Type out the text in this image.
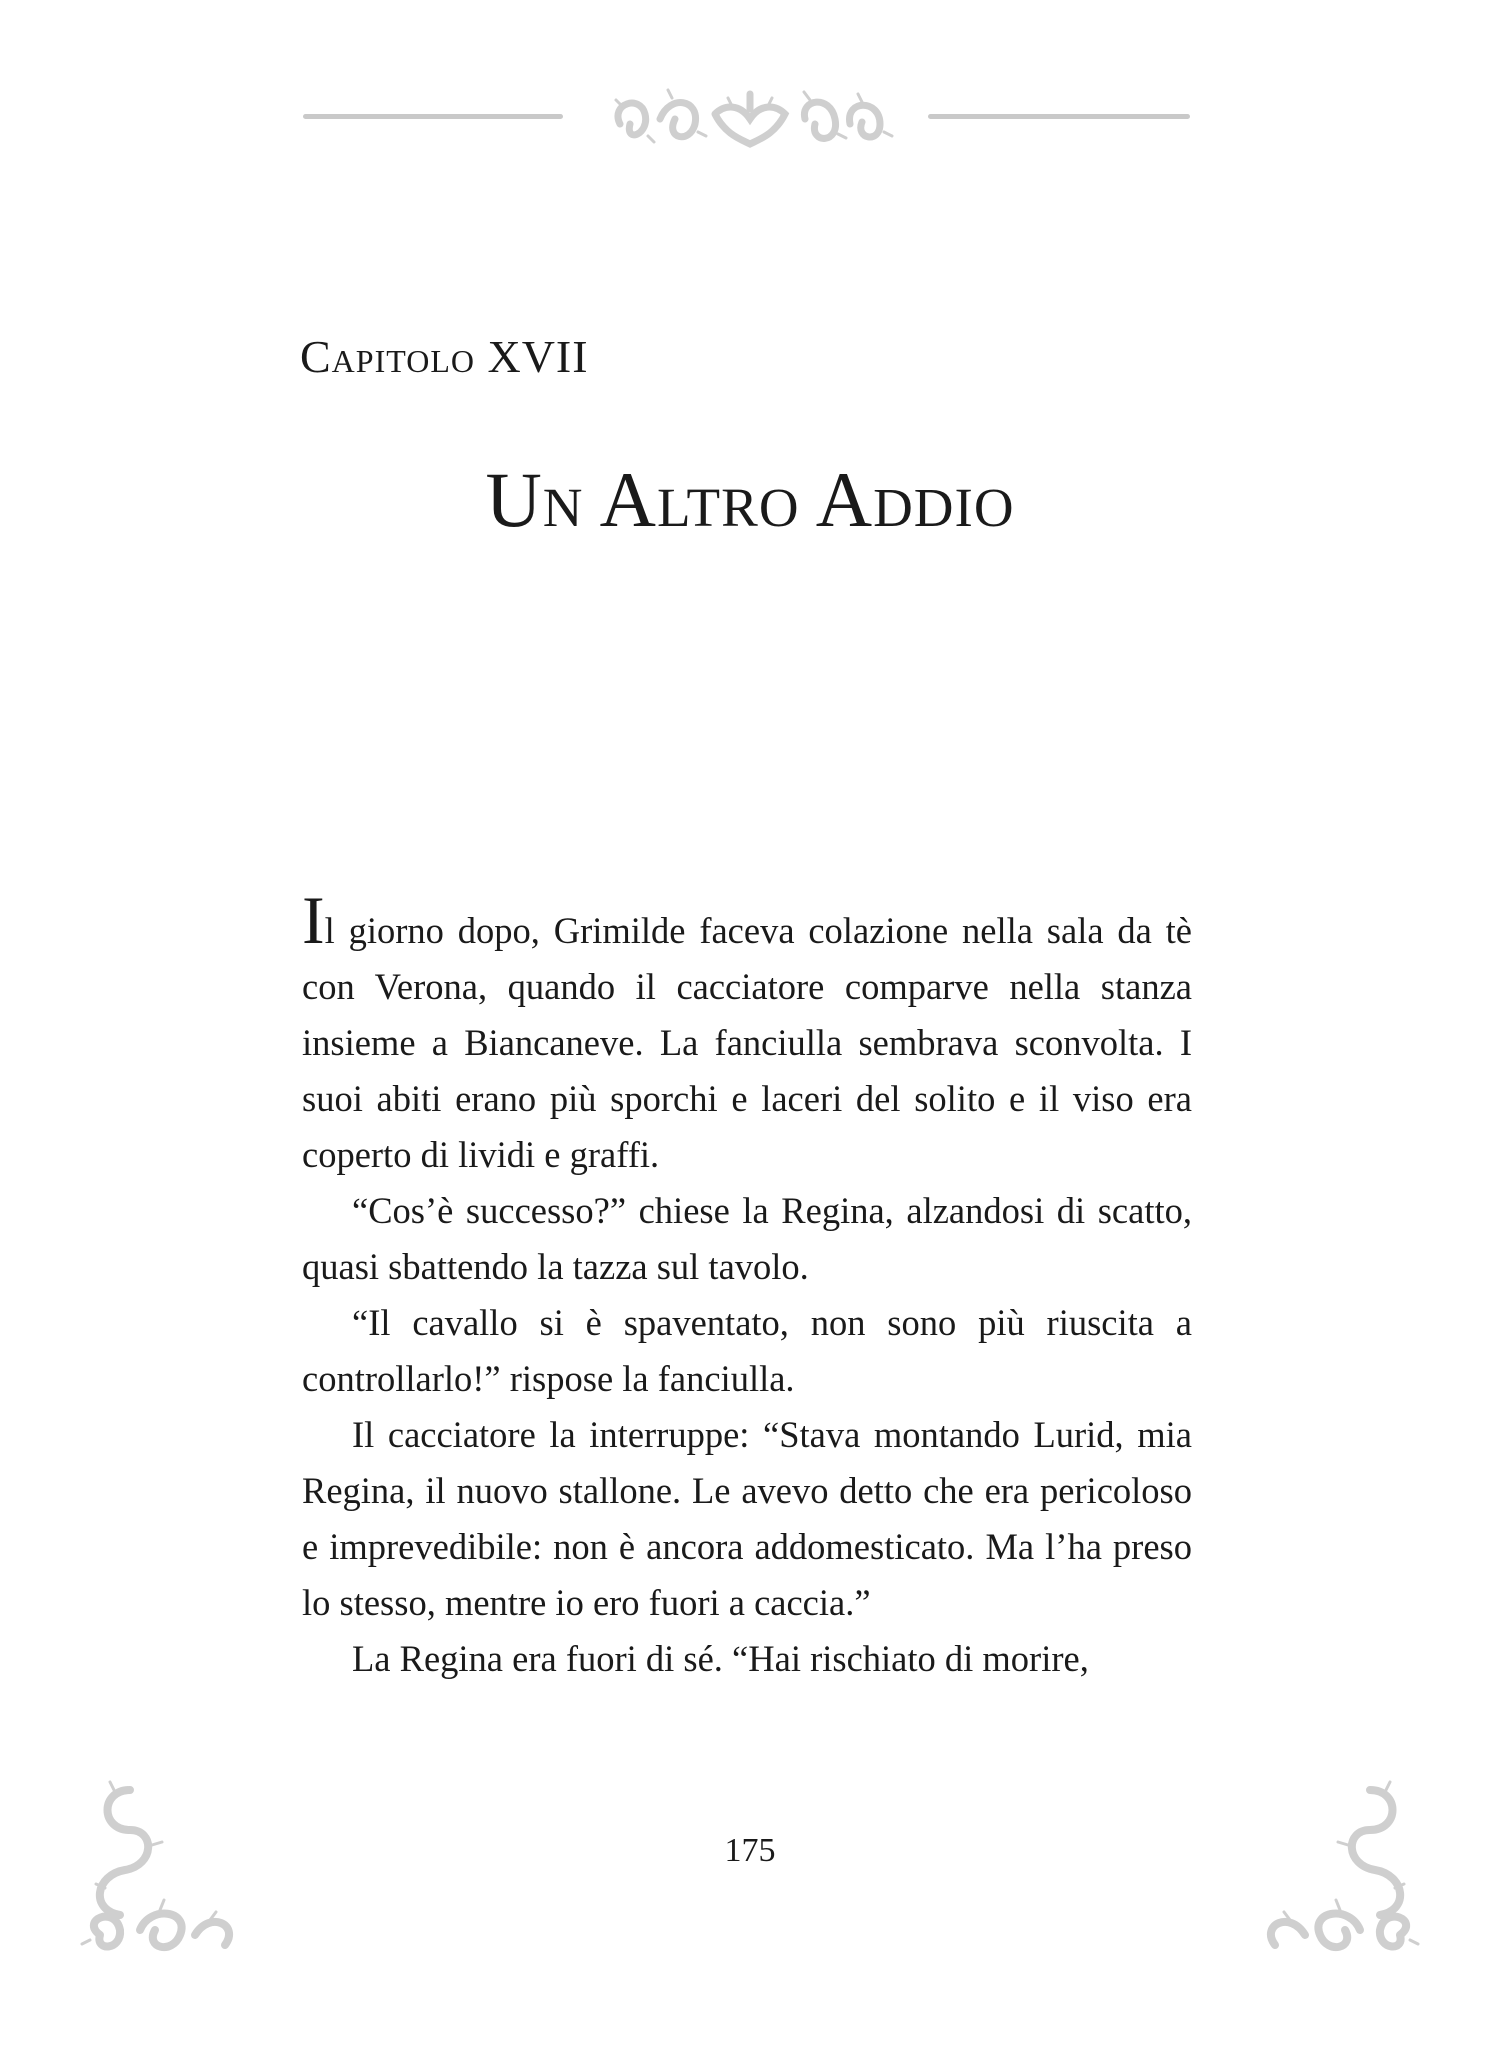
Capitolo XVII
Un Altro Addio

Il giorno dopo, Grimilde faceva colazione nella sala da tè con Verona, quando il cacciatore comparve nella stanza insieme a Biancaneve. La fanciulla sembrava sconvolta. I suoi abiti erano più sporchi e laceri del solito e il viso era coperto di lividi e graffi.

“Cos’è successo?” chiese la Regina, alzandosi di scatto, quasi sbattendo la tazza sul tavolo.

“Il cavallo si è spaventato, non sono più riuscita a controllarlo!” rispose la fanciulla.

Il cacciatore la interruppe: “Stava montando Lurid, mia Regina, il nuovo stallone. Le avevo detto che era pericoloso e imprevedibile: non è ancora addomesticato. Ma l’ha preso lo stesso, mentre io ero fuori a caccia.”

La Regina era fuori di sé. “Hai rischiato di morire,

175
